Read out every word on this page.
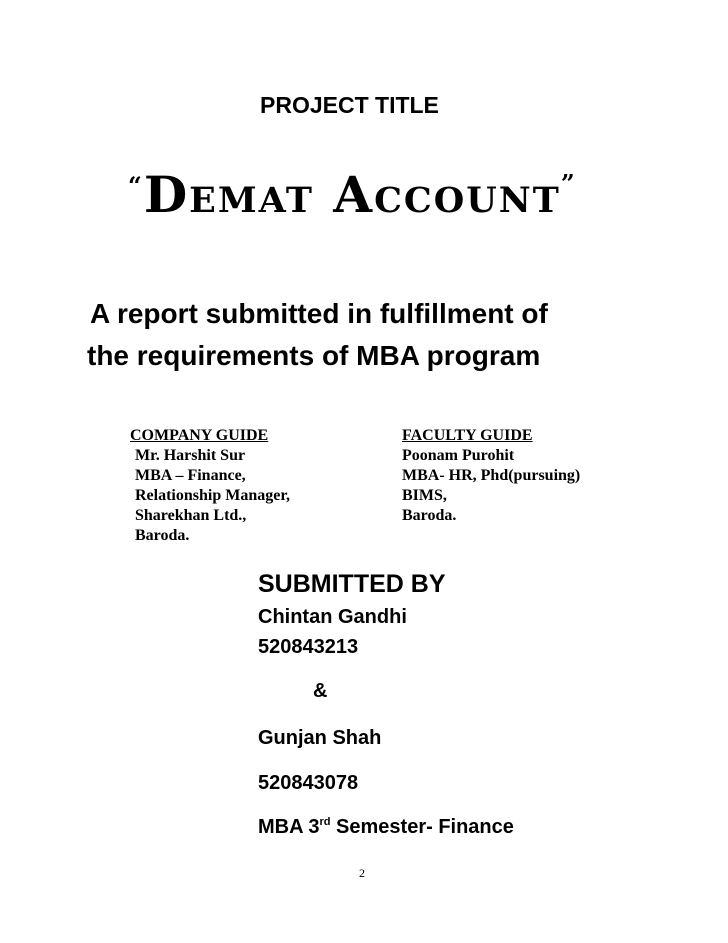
PROJECT TITLE
“Demat Account”
A report submitted in fulfillment of
the requirements of MBA program
COMPANY GUIDE
Mr. Harshit Sur
MBA – Finance,
Relationship Manager,
Sharekhan Ltd.,
Baroda.
FACULTY GUIDE
Poonam Purohit
MBA- HR, Phd(pursuing)
BIMS,
Baroda.
SUBMITTED BY
Chintan Gandhi
520843213
&
Gunjan Shah
520843078
MBA 3rd Semester- Finance
2
